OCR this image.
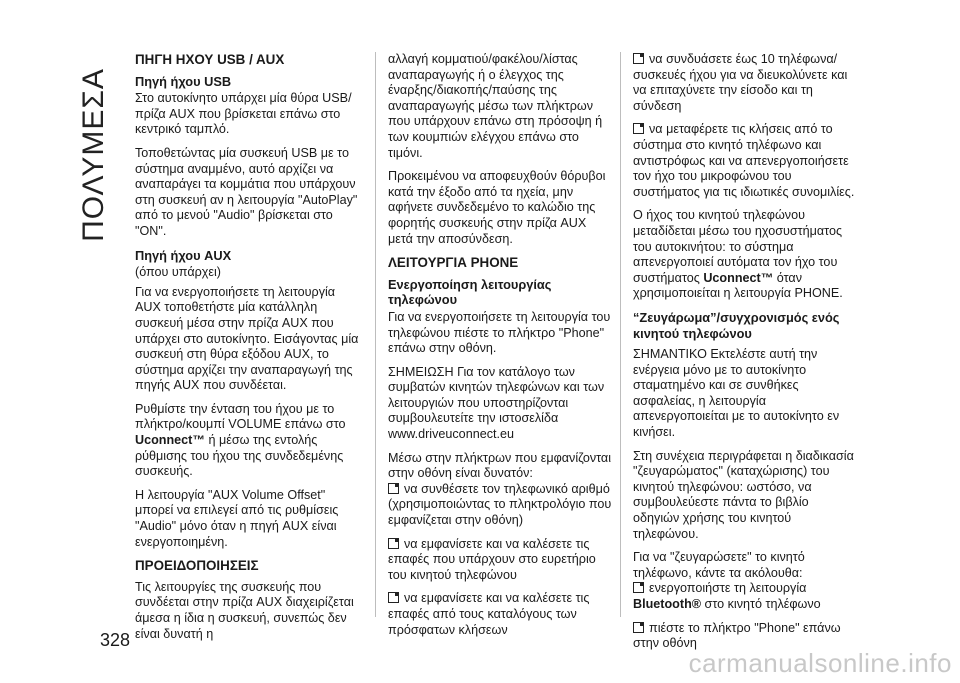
ΠΟΛΥΜΕΣΑ
328

ΠΗΓΗ ΗΧΟΥ USB / AUX

Πηγή ήχου USB

Στο αυτοκίνητο υπάρχει μία θύρα USB/πρίζα AUX που βρίσκεται επάνω στο κεντρικό ταμπλό.

Τοποθετώντας μία συσκευή USB με το σύστημα αναμμένο, αυτό αρχίζει να αναπαράγει τα κομμάτια που υπάρχουν στη συσκευή αν η λειτουργία "AutoPlay" από το μενού "Audio" βρίσκεται στο "ON".

Πηγή ήχου AUX

(όπου υπάρχει)

Για να ενεργοποιήσετε τη λειτουργία AUX τοποθετήστε μία κατάλληλη συσκευή μέσα στην πρίζα AUX που υπάρχει στο αυτοκίνητο. Εισάγοντας μία συσκευή στη θύρα εξόδου AUX, το σύστημα αρχίζει την αναπαραγωγή της πηγής AUX που συνδέεται.

Ρυθμίστε την ένταση του ήχου με το πλήκτρο/κουμπί VOLUME επάνω στο Uconnect™ ή μέσω της εντολής ρύθμισης του ήχου της συνδεδεμένης συσκευής.

Η λειτουργία "AUX Volume Offset" μπορεί να επιλεγεί από τις ρυθμίσεις "Audio" μόνο όταν η πηγή AUX είναι ενεργοποιημένη.

ΠΡΟΕΙΔΟΠΟΙΗΣΕΙΣ

Τις λειτουργίες της συσκευής που συνδέεται στην πρίζα AUX διαχειρίζεται άμεσα η ίδια η συσκευή, συνεπώς δεν είναι δυνατή η

αλλαγή κομματιού/φακέλου/λίστας αναπαραγωγής ή ο έλεγχος της έναρξης/διακοπής/παύσης της αναπαραγωγής μέσω των πλήκτρων που υπάρχουν επάνω στη πρόσοψη ή των κουμπιών ελέγχου επάνω στο τιμόνι.

Προκειμένου να αποφευχθούν θόρυβοι κατά την έξοδο από τα ηχεία, μην αφήνετε συνδεδεμένο το καλώδιο της φορητής συσκευής στην πρίζα AUX μετά την αποσύνδεση.

ΛΕΙΤΟΥΡΓΙΑ PHONE

Ενεργοποίηση λειτουργίας τηλεφώνου

Για να ενεργοποιήσετε τη λειτουργία του τηλεφώνου πιέστε το πλήκτρο "Phone" επάνω στην οθόνη.

ΣΗΜΕΙΩΣΗ Για τον κατάλογο των συμβατών κινητών τηλεφώνων και των λειτουργιών που υποστηρίζονται συμβουλευτείτε την ιστοσελίδα www.driveuconnect.eu

Μέσω στην πλήκτρων που εμφανίζονται στην οθόνη είναι δυνατόν:

να συνθέσετε τον τηλεφωνικό αριθμό (χρησιμοποιώντας το πληκτρολόγιο που εμφανίζεται στην οθόνη)

να εμφανίσετε και να καλέσετε τις επαφές που υπάρχουν στο ευρετήριο του κινητού τηλεφώνου

να εμφανίσετε και να καλέσετε τις επαφές από τους καταλόγους των πρόσφατων κλήσεων

να συνδυάσετε έως 10 τηλέφωνα/συσκευές ήχου για να διευκολύνετε και να επιταχύνετε την είσοδο και τη σύνδεση

να μεταφέρετε τις κλήσεις από το σύστημα στο κινητό τηλέφωνο και αντιστρόφως και να απενεργοποιήσετε τον ήχο του μικροφώνου του συστήματος για τις ιδιωτικές συνομιλίες.

Ο ήχος του κινητού τηλεφώνου μεταδίδεται μέσω του ηχοσυστήματος του αυτοκινήτου: το σύστημα απενεργοποιεί αυτόματα τον ήχο του συστήματος Uconnect™ όταν χρησιμοποιείται η λειτουργία PHONE.

“Ζευγάρωμα”/συγχρονισμός ενός κινητού τηλεφώνου

ΣΗΜΑΝΤΙΚΟ Εκτελέστε αυτή την ενέργεια μόνο με το αυτοκίνητο σταματημένο και σε συνθήκες ασφαλείας, η λειτουργία απενεργοποιείται με το αυτοκίνητο εν κινήσει.

Στη συνέχεια περιγράφεται η διαδικασία "ζευγαρώματος" (καταχώρισης) του κινητού τηλεφώνου: ωστόσο, να συμβουλεύεστε πάντα το βιβλίο οδηγιών χρήσης του κινητού τηλεφώνου.

Για να "ζευγαρώσετε" το κινητό τηλέφωνο, κάντε τα ακόλουθα:

ενεργοποιήστε τη λειτουργία Bluetooth® στο κινητό τηλέφωνο

πιέστε το πλήκτρο "Phone" επάνω στην οθόνη

carmanualsonline.info
